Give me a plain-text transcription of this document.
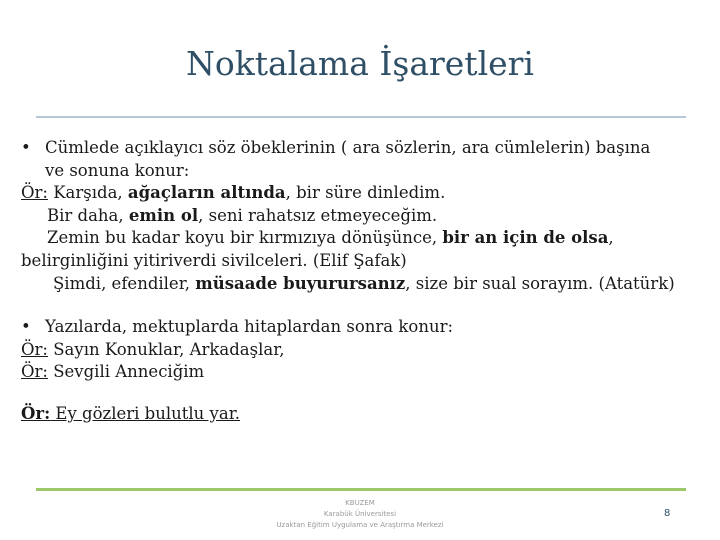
Noktalama İşaretleri
• Cümlede açıklayıcı söz öbeklerinin ( ara sözlerin, ara cümlelerin) başına
ve sonuna konur:
Ör: Karşıda, ağaçların altında, bir süre dinledim.
Bir daha, emin ol, seni rahatsız etmeyeceğim.
Zemin bu kadar koyu bir kırmızıya dönüşünce, bir an için de olsa,
belirginliğini yitiriverdi sivilceleri. (Elif Şafak)
Şimdi, efendiler, müsaade buyurursanız, size bir sual sorayım. (Atatürk)
• Yazılarda, mektuplarda hitaplardan sonra konur:
Ör: Sayın Konuklar, Arkadaşlar,
Ör: Sevgili Anneciğim
Ör: Ey gözleri bulutlu yar.
KBUZEM
Karabük Üniversitesi
Uzaktan Eğitim Uygulama ve Araştırma Merkezi
8
